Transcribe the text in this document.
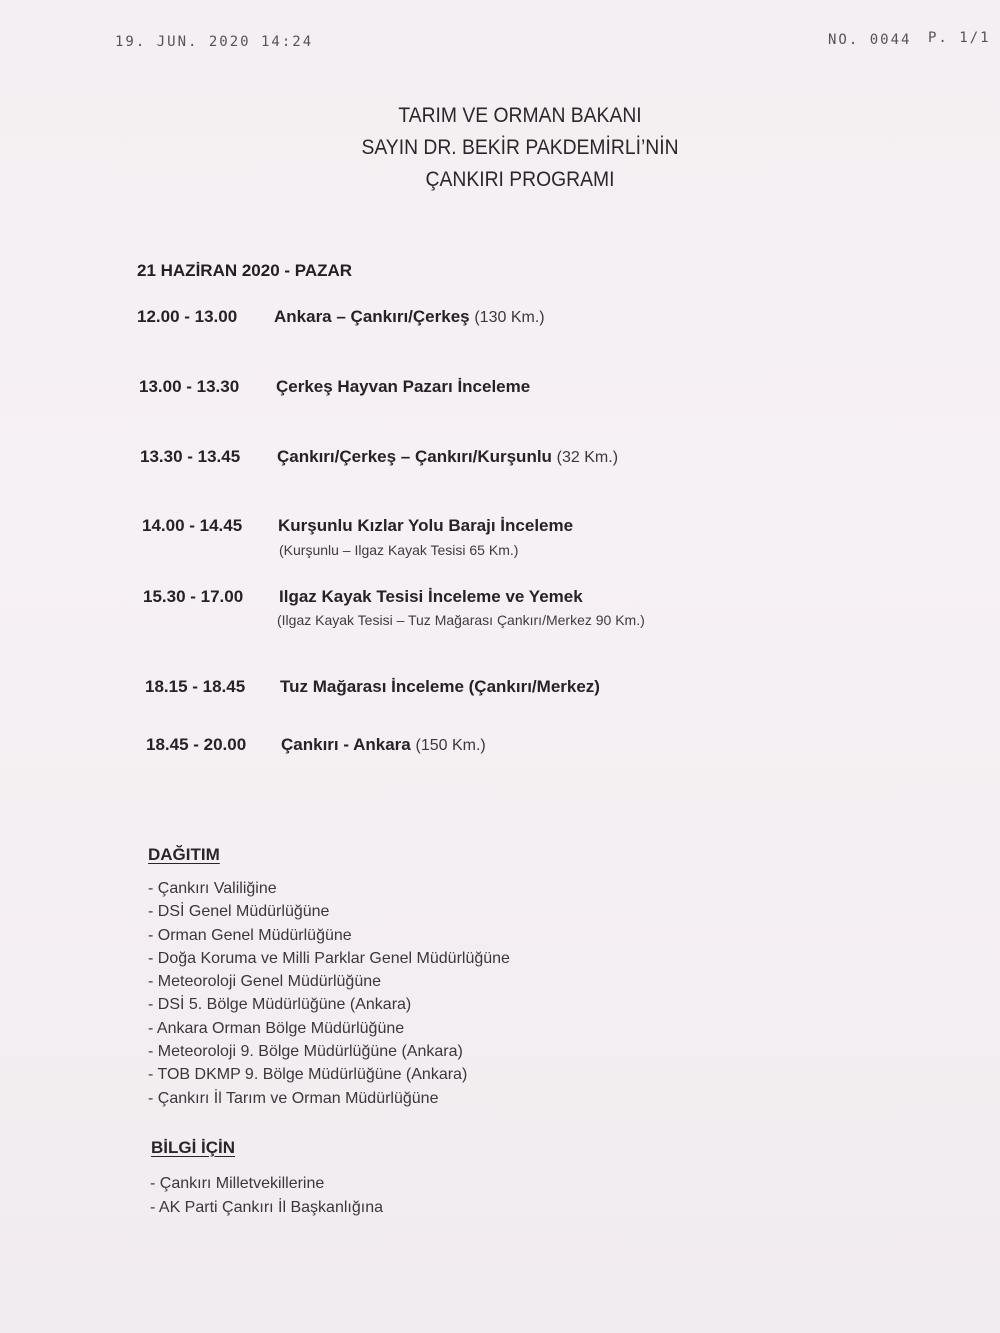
19. JUN. 2020 14:24	NO. 0044 P. 1/1
TARIM VE ORMAN BAKANI
SAYIN DR. BEKİR PAKDEMİRLİ’NİN
ÇANKIRI PROGRAMI
21 HAZİRAN 2020 - PAZAR
12.00 - 13.00 Ankara – Çankırı/Çerkeş (130 Km.)
13.00 - 13.30 Çerkeş Hayvan Pazarı İnceleme
13.30 - 13.45 Çankırı/Çerkeş – Çankırı/Kurşunlu (32 Km.)
14.00 - 14.45 Kurşunlu Kızlar Yolu Barajı İnceleme
(Kurşunlu – Ilgaz Kayak Tesisi 65 Km.)
15.30 - 17.00 Ilgaz Kayak Tesisi İnceleme ve Yemek
(Ilgaz Kayak Tesisi – Tuz Mağarası Çankırı/Merkez 90 Km.)
18.15 - 18.45 Tuz Mağarası İnceleme (Çankırı/Merkez)
18.45 - 20.00 Çankırı - Ankara (150 Km.)
DAĞITIM
- Çankırı Valiliğine
- DSİ Genel Müdürlüğüne
- Orman Genel Müdürlüğüne
- Doğa Koruma ve Milli Parklar Genel Müdürlüğüne
- Meteoroloji Genel Müdürlüğüne
- DSİ 5. Bölge Müdürlüğüne (Ankara)
- Ankara Orman Bölge Müdürlüğüne
- Meteoroloji 9. Bölge Müdürlüğüne (Ankara)
- TOB DKMP 9. Bölge Müdürlüğüne (Ankara)
- Çankırı İl Tarım ve Orman Müdürlüğüne
BİLGİ İÇİN
- Çankırı Milletvekillerine
- AK Parti Çankırı İl Başkanlığına
